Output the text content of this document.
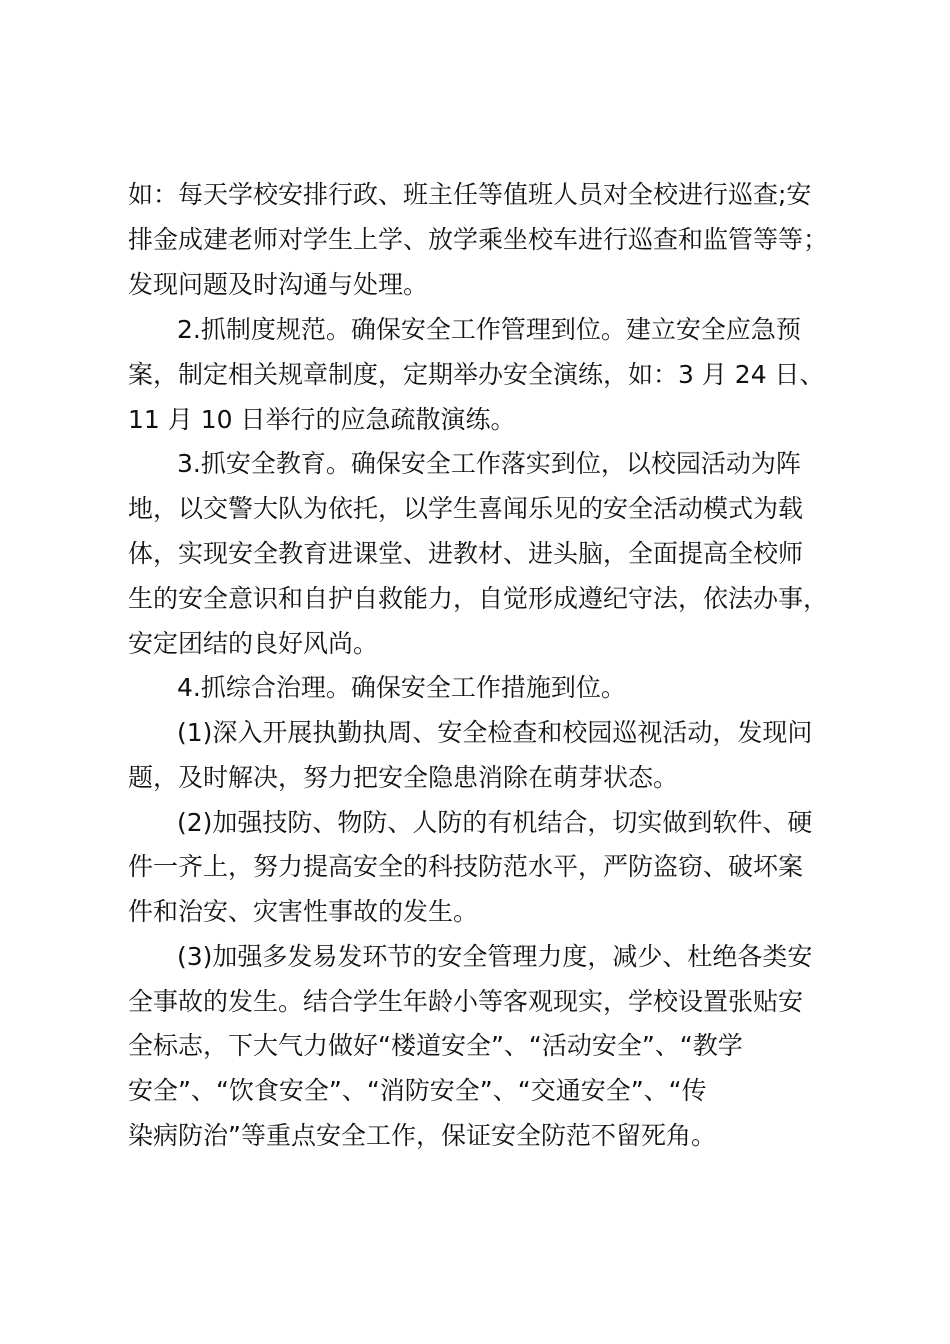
如：每天学校安排行政、班主任等值班人员对全校进行巡查;安
排金成建老师对学生上学、放学乘坐校车进行巡查和监管等等；
发现问题及时沟通与处理。
2.抓制度规范。确保安全工作管理到位。建立安全应急预
案，制定相关规章制度，定期举办安全演练，如：3 月 24 日、
11 月 10 日举行的应急疏散演练。
3.抓安全教育。确保安全工作落实到位，以校园活动为阵
地，以交警大队为依托，以学生喜闻乐见的安全活动模式为载
体，实现安全教育进课堂、进教材、进头脑，全面提高全校师
生的安全意识和自护自救能力，自觉形成遵纪守法，依法办事，
安定团结的良好风尚。
4.抓综合治理。确保安全工作措施到位。
(1)深入开展执勤执周、安全检查和校园巡视活动，发现问
题，及时解决，努力把安全隐患消除在萌芽状态。
(2)加强技防、物防、人防的有机结合，切实做到软件、硬
件一齐上，努力提高安全的科技防范水平，严防盗窃、破坏案
件和治安、灾害性事故的发生。
(3)加强多发易发环节的安全管理力度，减少、杜绝各类安
全事故的发生。结合学生年龄小等客观现实，学校设置张贴安
全标志，下大气力做好“楼道安全”、“活动安全”、“教学
安全”、“饮食安全”、“消防安全”、“交通安全”、“传
染病防治”等重点安全工作，保证安全防范不留死角。
